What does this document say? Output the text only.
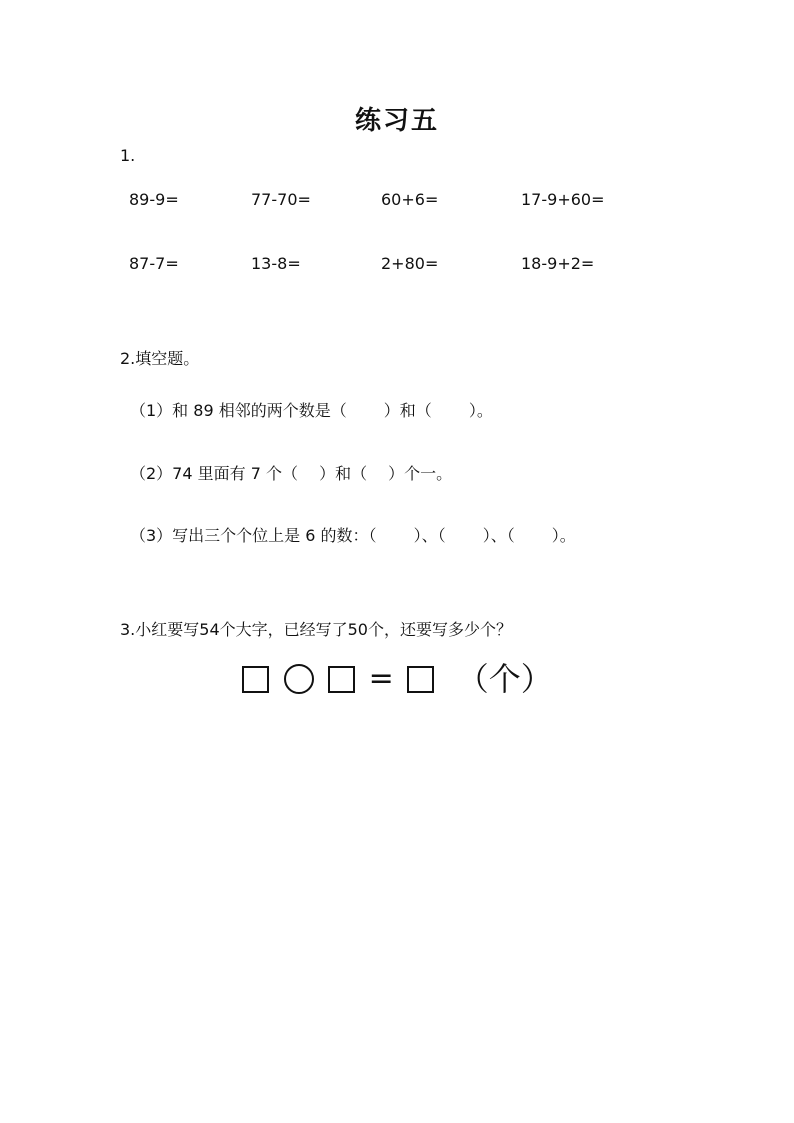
练习五
1.
89-9=	77-70=	60+6=	17-9+60=
87-7=	13-8=	2+80=	18-9+2=
2.填空题。
（1）和 89 相邻的两个数是（　　 ）和（　　 ）。
（2）74 里面有 7 个（　 ）和（　 ）个一。
（3）写出三个个位上是 6 的数：（　　 ）、（　　 ）、（　　 ）。
3.小红要写54个大字，已经写了50个，还要写多少个？
= （个）
